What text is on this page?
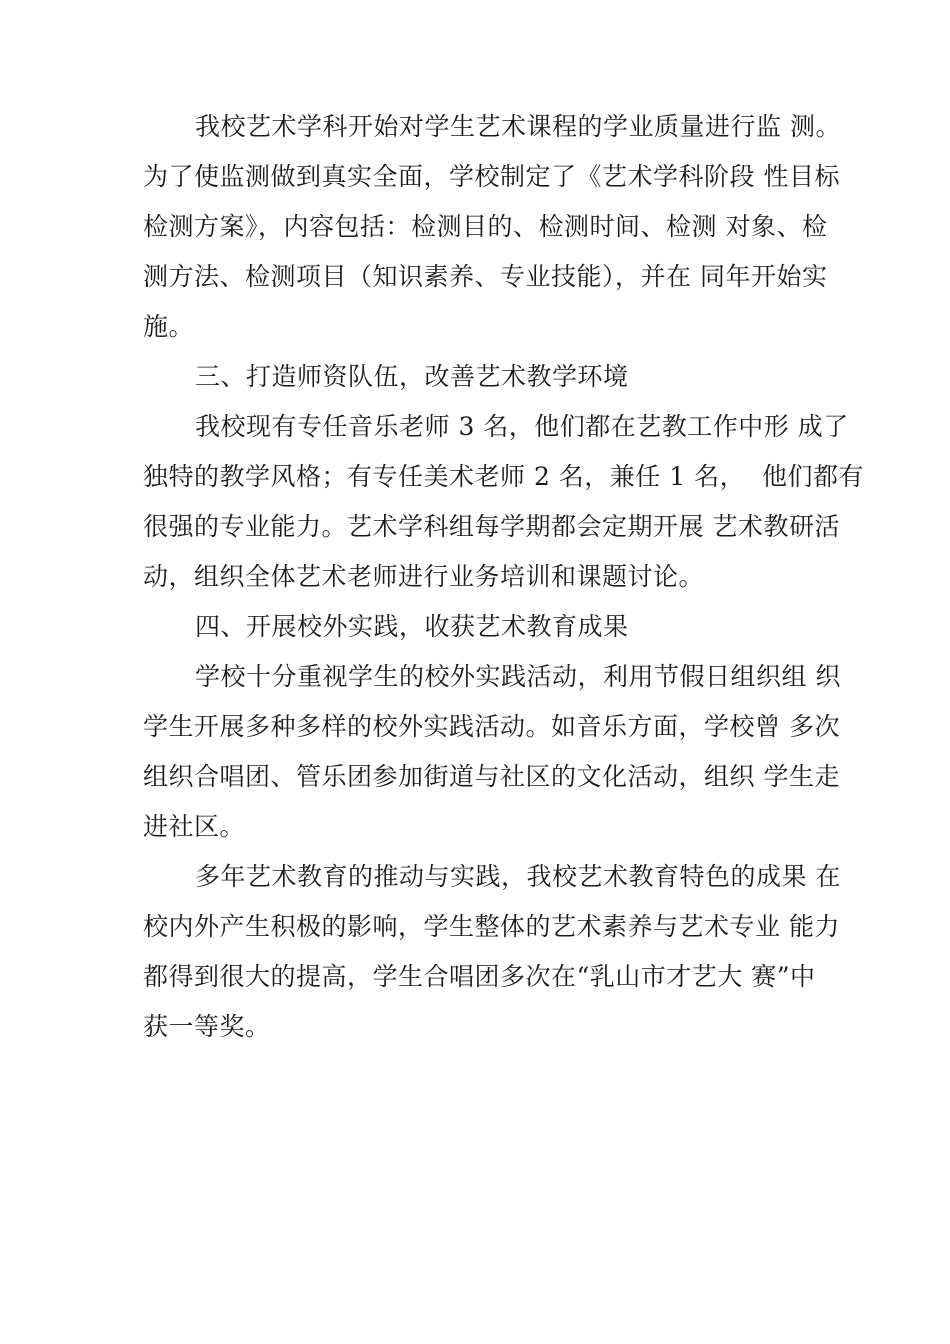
我校艺术学科开始对学生艺术课程的学业质量进行监 测。
为了使监测做到真实全面，学校制定了《艺术学科阶段 性目标
检测方案》，内容包括：检测目的、检测时间、检测 对象、检
测方法、检测项目（知识素养、专业技能），并在 同年开始实
施。
三、打造师资队伍，改善艺术教学环境
我校现有专任音乐老师 3 名，他们都在艺教工作中形 成了
独特的教学风格；有专任美术老师 2 名，兼任 1 名，  他们都有
很强的专业能力。艺术学科组每学期都会定期开展 艺术教研活
动，组织全体艺术老师进行业务培训和课题讨论。
四、开展校外实践，收获艺术教育成果
学校十分重视学生的校外实践活动，利用节假日组织组 织
学生开展多种多样的校外实践活动。如音乐方面，学校曾 多次
组织合唱团、管乐团参加街道与社区的文化活动，组织 学生走
进社区。
多年艺术教育的推动与实践，我校艺术教育特色的成果 在
校内外产生积极的影响，学生整体的艺术素养与艺术专业 能力
都得到很大的提高，学生合唱团多次在“乳山市才艺大 赛”中
获一等奖。
